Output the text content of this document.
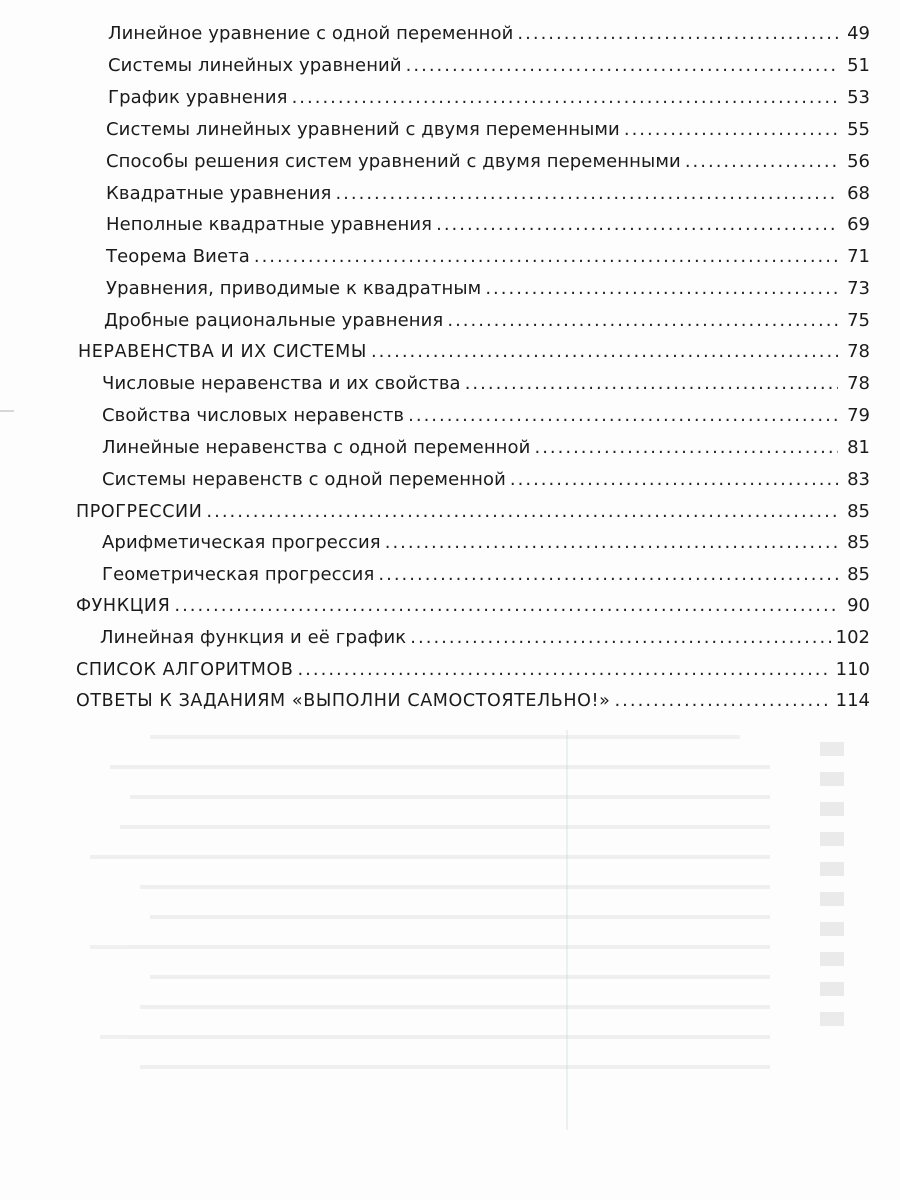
Линейное уравнение с одной переменной .....	49
Системы линейных уравнений .....	51
График уравнения .....	53
Системы линейных уравнений с двумя переменными .....	55
Способы решения систем уравнений с двумя переменными .....	56
Квадратные уравнения .....	68
Неполные квадратные уравнения .....	69
Теорема Виета .....	71
Уравнения, приводимые к квадратным .....	73
Дробные рациональные уравнения .....	75
НЕРАВЕНСТВА И ИХ СИСТЕМЫ .....	78
Числовые неравенства и их свойства .....	78
Свойства числовых неравенств .....	79
Линейные неравенства с одной переменной .....	81
Системы неравенств с одной переменной .....	83
ПРОГРЕССИИ .....	85
Арифметическая прогрессия .....	85
Геометрическая прогрессия .....	85
ФУНКЦИЯ .....	90
Линейная функция и её график .....	102
СПИСОК АЛГОРИТМОВ .....	110
ОТВЕТЫ К ЗАДАНИЯМ «ВЫПОЛНИ САМОСТОЯТЕЛЬНО!» .....	114
